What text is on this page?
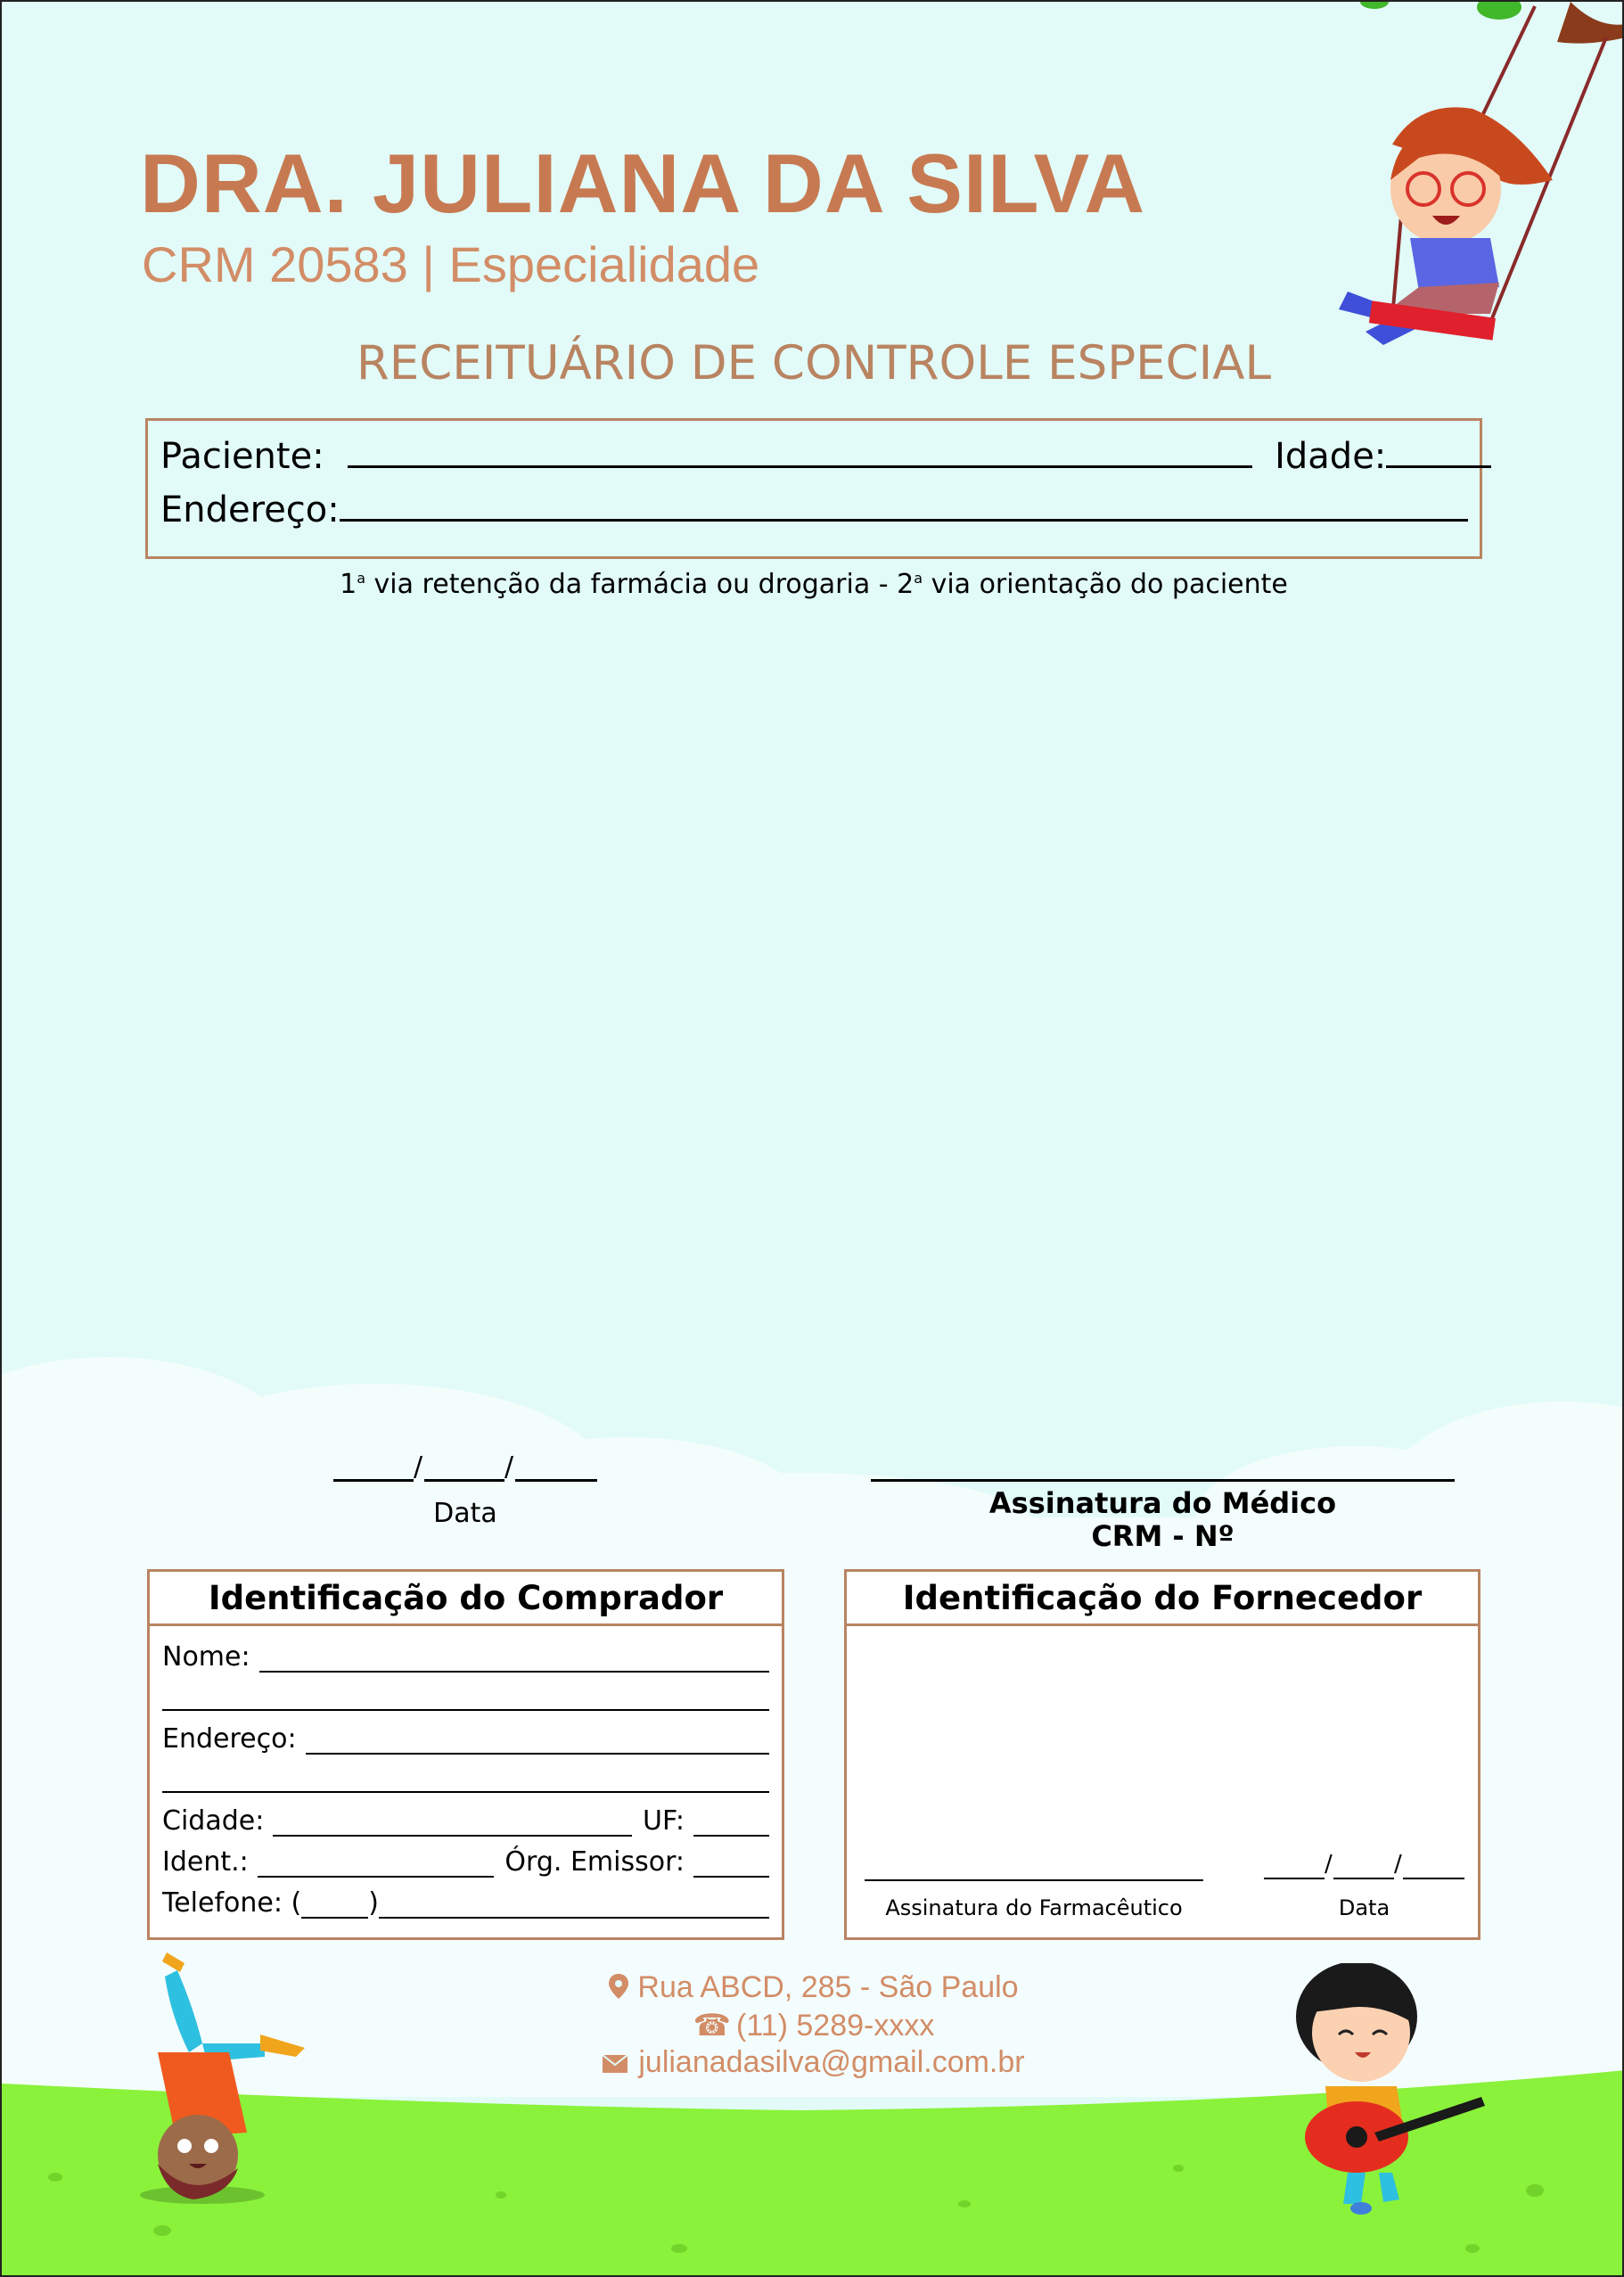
DRA. JULIANA DA SILVA
CRM 20583 | Especialidade
RECEITUÁRIO DE CONTROLE ESPECIAL
Paciente:	Idade:
Endereço:
1$^a$ via retenção da farmácia ou drogaria - 2$^a$ via orientação do paciente
/	/
Data	Assinatura do Médico
CRM - Nº
Identificação do Comprador
Nome:
Endereço:
Cidade:	UF:
Ident.:	Órg. Emissor:
Telefone: (	)
Identificação do Fornecedor
Assinatura do Farmacêutico
/	/
Data
Rua ABCD, 285 - São Paulo
☎ (11) 5289-xxxx
julianadasilva@gmail.com.br
